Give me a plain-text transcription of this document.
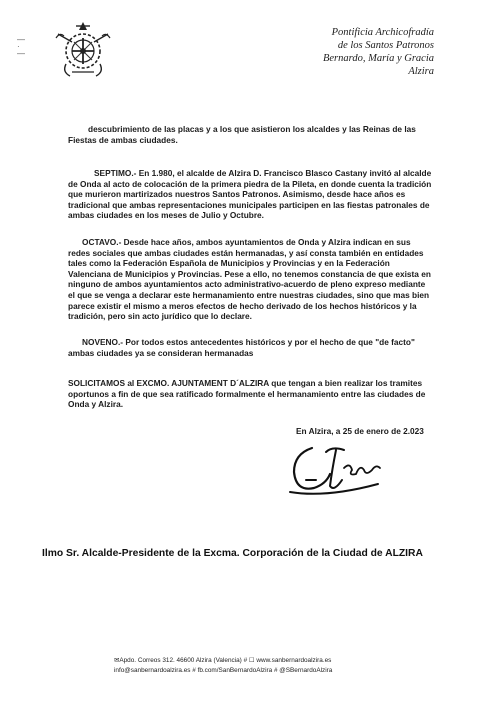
—
·
—
Pontificia Archicofradía
de los Santos Patronos
Bernardo, María y Gracia
Alzira

descubrimiento de las placas y a los que asistieron los alcaldes y las Reinas de las Fiestas de ambas ciudades.

SEPTIMO.- En 1.980, el alcalde de Alzira D. Francisco Blasco Castany invitó al alcalde de Onda al acto de colocación de la primera piedra de la Pileta, en donde cuenta la tradición que murieron martirizados nuestros Santos Patronos. Asimismo, desde hace años es tradicional que ambas representaciones municipales participen en las fiestas patronales de ambas ciudades en los meses de Julio y Octubre.

OCTAVO.- Desde hace años, ambos ayuntamientos de Onda y Alzira indican en sus redes sociales que ambas ciudades están hermanadas, y así consta también en entidades tales como la Federación Española de Municipios y Provincias y en la Federación Valenciana de Municipios y Provincias. Pese a ello, no tenemos constancia de que exista en ninguno de ambos ayuntamientos acto administrativo-acuerdo de pleno expreso mediante el que se venga a declarar este hermanamiento entre nuestras ciudades, sino que mas bien parece existir el mismo a meros efectos de hecho derivado de los hechos históricos y la tradición, pero sin acto jurídico que lo declare.

NOVENO.- Por todos estos antecedentes históricos y por el hecho de que "de facto" ambas ciudades ya se consideran hermanadas

SOLICITAMOS al EXCMO. AJUNTAMENT D´ALZIRA que tengan a bien realizar los tramites oportunos a fin de que sea ratificado formalmente el hermanamiento entre las ciudades de Onda y Alzira.

En Alzira, a 25 de enero de 2.023
Ilmo Sr. Alcalde-Presidente de la Excma. Corporación de la Ciudad de ALZIRA
✉Apdo. Correos 312. 46600 Alzira (Valencia) # ☐ www.sanbernardoalzira.es
info@sanbernardoalzira.es # fb.com/SanBernardoAlzira # @SBernardoAlzira
